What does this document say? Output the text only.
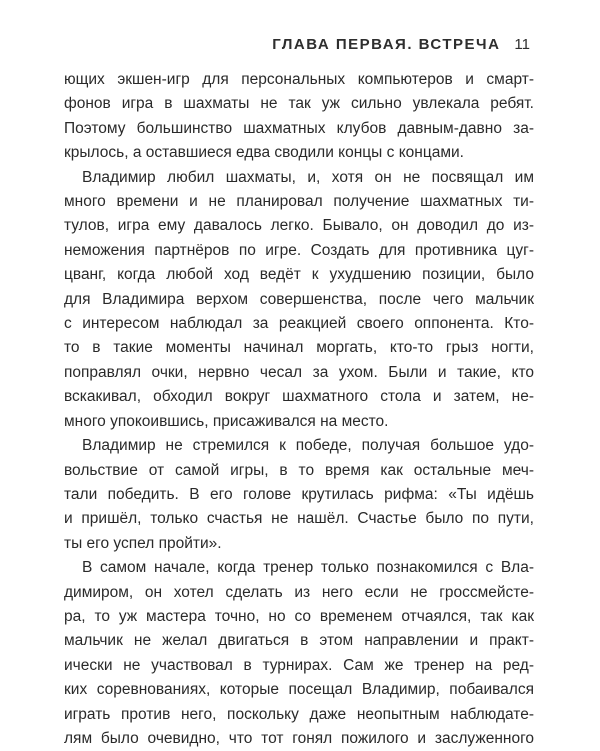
ГЛАВА ПЕРВАЯ. ВСТРЕЧА 11
ющих экшен-игр для персональных компьютеров и смарт-
фонов игра в шахматы не так уж сильно увлекала ребят.
Поэтому большинство шахматных клубов давным-давно за-
крылось, а оставшиеся едва сводили концы с концами.
Владимир любил шахматы, и, хотя он не посвящал им
много времени и не планировал получение шахматных ти-
тулов, игра ему давалось легко. Бывало, он доводил до из-
неможения партнёров по игре. Создать для противника цуг-
цванг, когда любой ход ведёт к ухудшению позиции, было
для Владимира верхом совершенства, после чего мальчик
с интересом наблюдал за реакцией своего оппонента. Кто-
то в такие моменты начинал моргать, кто-то грыз ногти,
поправлял очки, нервно чесал за ухом. Были и такие, кто
вскакивал, обходил вокруг шахматного стола и затем, не-
много упокоившись, присаживался на место.
Владимир не стремился к победе, получая большое удо-
вольствие от самой игры, в то время как остальные меч-
тали победить. В его голове крутилась рифма: «Ты идёшь
и пришёл, только счастья не нашёл. Счастье было по пути,
ты его успел пройти».
В самом начале, когда тренер только познакомился с Вла-
димиром, он хотел сделать из него если не гроссмейсте-
ра, то уж мастера точно, но со временем отчаялся, так как
мальчик не желал двигаться в этом направлении и практ-
ически не участвовал в турнирах. Сам же тренер на ред-
ких соревнованиях, которые посещал Владимир, побаивался
играть против него, поскольку даже неопытным наблюдате-
лям было очевидно, что тот гонял пожилого и заслуженного
